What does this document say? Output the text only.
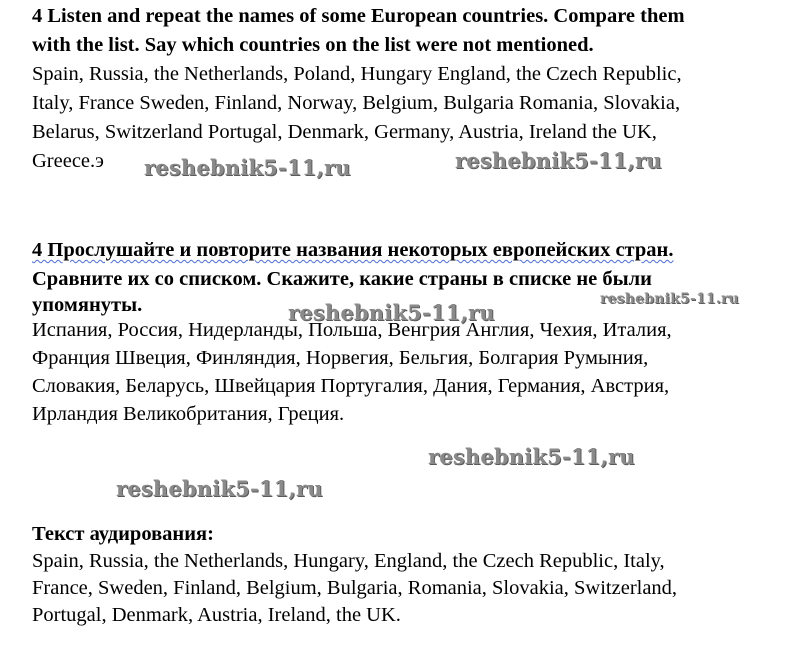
4 Listen and repeat the names of some European countries. Compare them

with the list. Say which countries on the list were not mentioned.

Spain, Russia, the Netherlands, Poland, Hungary England, the Czech Republic,

Italy, France Sweden, Finland, Norway, Belgium, Bulgaria Romania, Slovakia,

Belarus, Switzerland Portugal, Denmark, Germany, Austria, Ireland the UK,

Greece.э

4 Прослушайте и повторите названия некоторых европейских стран.

Сравните их со списком. Скажите, какие страны в списке не были

упомянуты.

Испания, Россия, Нидерланды, Польша, Венгрия Англия, Чехия, Италия,

Франция Швеция, Финляндия, Норвегия, Бельгия, Болгария Румыния,

Словакия, Беларусь, Швейцария Португалия, Дания, Германия, Австрия,

Ирландия Великобритания, Греция.

Текст аудирования:

Spain, Russia, the Netherlands, Hungary, England, the Czech Republic, Italy,

France, Sweden, Finland, Belgium, Bulgaria, Romania, Slovakia, Switzerland,

Portugal, Denmark, Austria, Ireland, the UK.

reshebnik5-11,ru	reshebnik5-11,ru
reshebnik5-11,ru
reshebnik5-11.ru
reshebnik5-11,ru
reshebnik5-11,ru
